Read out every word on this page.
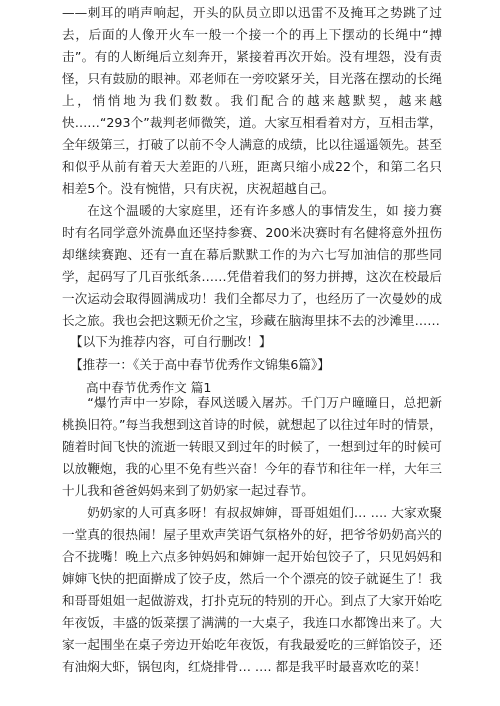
——刺耳的哨声响起，开头的队员立即以迅雷不及掩耳之势跳了过去，后面的人像开火车一般一个接一个的再上下摆动的长绳中“搏击”。有的人断绳后立刻奔开，紧接着再次开始。没有埋怨，没有责怪，只有鼓励的眼神。邓老师在一旁咬紧牙关，目光落在摆动的长绳上，悄悄地为我们数数。我们配合的越来越默契，越来越快……“293个”裁判老师微笑，道。大家互相看着对方，互相击掌，全年级第三，打破了以前不令人满意的成绩，比以往遥遥领先。甚至和似乎从前有着天大差距的八班，距离只缩小成22个，和第二名只相差5个。没有惋惜，只有庆祝，庆祝超越自己。

在这个温暖的大家庭里，还有许多感人的事情发生，如 接力赛时有名同学意外流鼻血还坚持参赛、200米决赛时有名健将意外扭伤却继续赛跑、还有一直在幕后默默工作的为六七写加油信的那些同学，起码写了几百张纸条……凭借着我们的努力拼搏，这次在校最后一次运动会取得圆满成功！我们全都尽力了，也经历了一次曼妙的成长之旅。我也会把这颗无价之宝，珍藏在脑海里抹不去的沙滩里……

【以下为推荐内容，可自行删改！】
【推荐一：《关于高中春节优秀作文锦集6篇》】
高中春节优秀作文 篇1

“爆竹声中一岁除，春风送暖入屠苏。千门万户曈曈日，总把新桃换旧符。”每当我想到这首诗的时候，就想起了以往过年时的情景，随着时间飞快的流逝一转眼又到过年的时候了，一想到过年的时候可以放鞭炮，我的心里不免有些兴奋！今年的春节和往年一样，大年三十儿我和爸爸妈妈来到了奶奶家一起过春节。

奶奶家的人可真多呀！有叔叔婶婶，哥哥姐姐们… …. 大家欢聚一堂真的很热闹！屋子里欢声笑语气氛格外的好，把爷爷奶奶高兴的合不拢嘴！晚上六点多钟妈妈和婶婶一起开始包饺子了，只见妈妈和婶婶飞快的把面擀成了饺子皮，然后一个个漂亮的饺子就诞生了！我和哥哥姐姐一起做游戏，打扑克玩的特别的开心。到点了大家开始吃年夜饭，丰盛的饭菜摆了满满的一大桌子，我连口水都馋出来了。大家一起围坐在桌子旁边开始吃年夜饭，有我最爱吃的三鲜馅饺子，还有油焖大虾，锅包肉，红烧排骨… …. 都是我平时最喜欢吃的菜！
